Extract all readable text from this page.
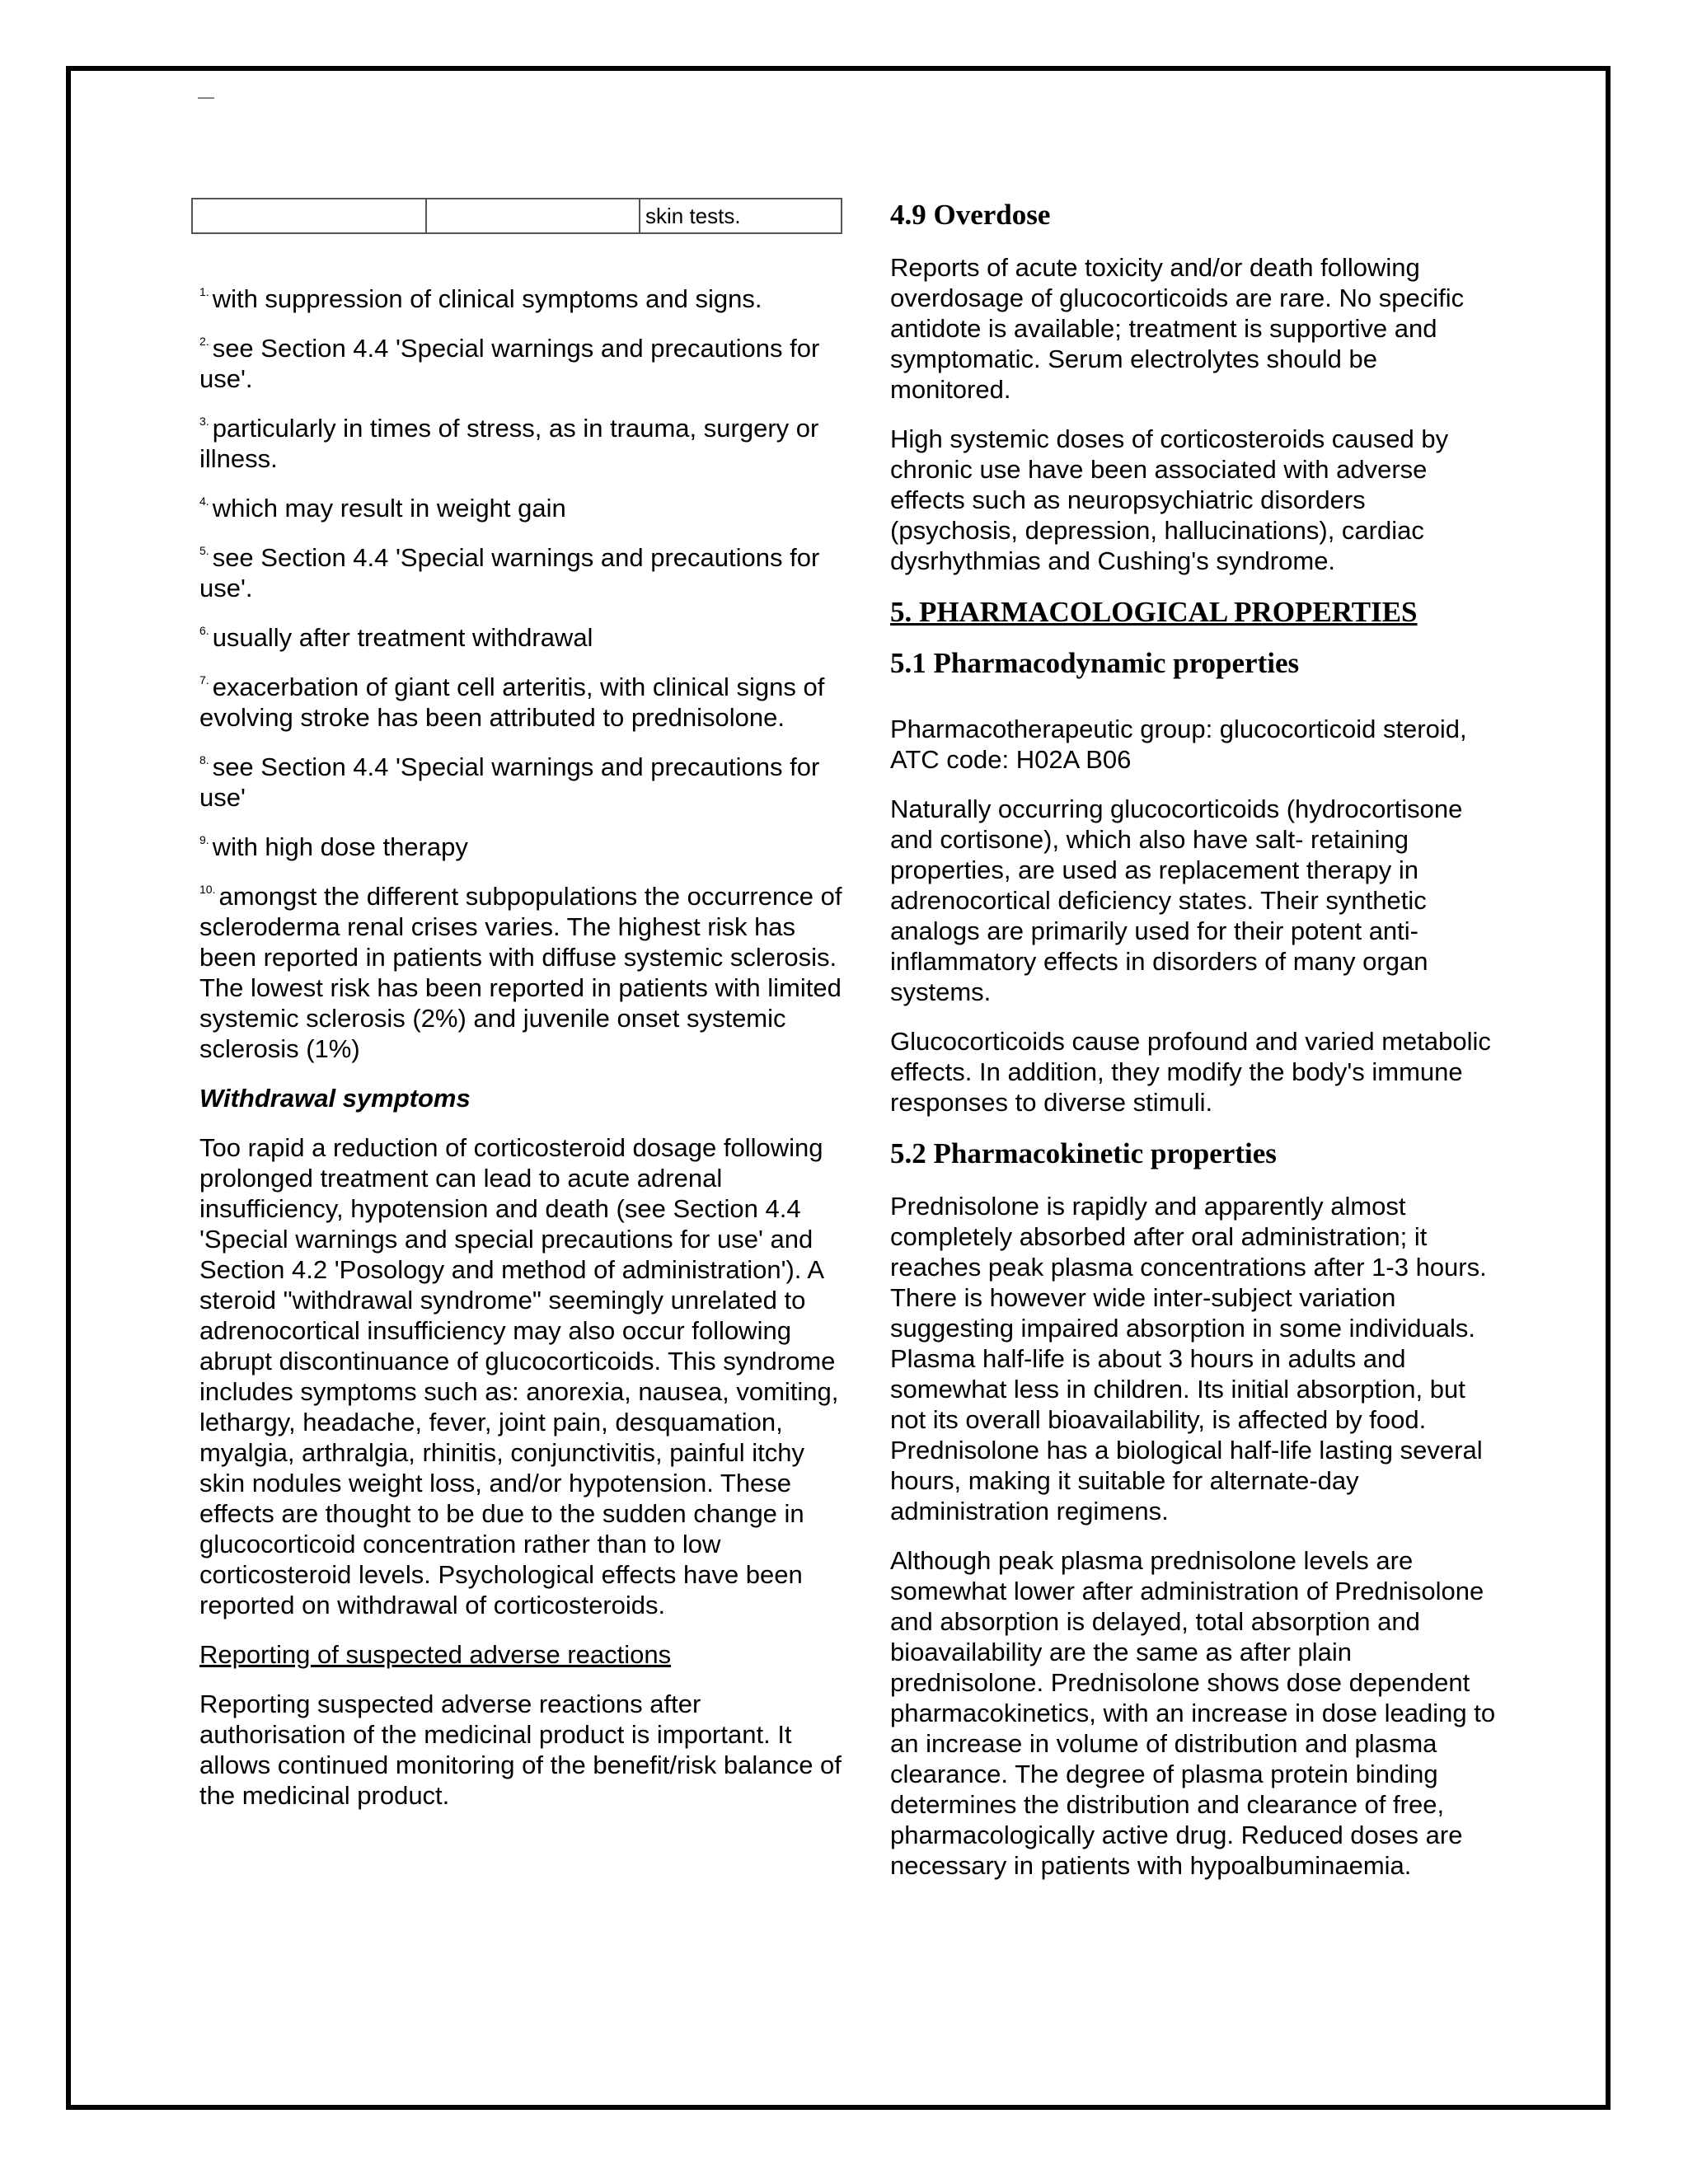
		skin tests.
$^{1.}$ with suppression of clinical symptoms and signs.
$^{2.}$ see Section 4.4 'Special warnings and precautions for use'.
$^{3.}$ particularly in times of stress, as in trauma, surgery or illness.
$^{4.}$ which may result in weight gain
$^{5.}$ see Section 4.4 'Special warnings and precautions for use'.
$^{6.}$ usually after treatment withdrawal
$^{7.}$ exacerbation of giant cell arteritis, with clinical signs of evolving stroke has been attributed to prednisolone.
$^{8.}$ see Section 4.4 'Special warnings and precautions for use'
$^{9.}$ with high dose therapy
$^{10.}$ amongst the different subpopulations the occurrence of scleroderma renal crises varies. The highest risk has been reported in patients with diffuse systemic sclerosis. The lowest risk has been reported in patients with limited systemic sclerosis (2%) and juvenile onset systemic sclerosis (1%)
Withdrawal symptoms
Too rapid a reduction of corticosteroid dosage following prolonged treatment can lead to acute adrenal insufficiency, hypotension and death (see Section 4.4 'Special warnings and special precautions for use' and Section 4.2 'Posology and method of administration'). A steroid "withdrawal syndrome" seemingly unrelated to adrenocortical insufficiency may also occur following abrupt discontinuance of glucocorticoids. This syndrome includes symptoms such as: anorexia, nausea, vomiting, lethargy, headache, fever, joint pain, desquamation, myalgia, arthralgia, rhinitis, conjunctivitis, painful itchy skin nodules weight loss, and/or hypotension. These effects are thought to be due to the sudden change in glucocorticoid concentration rather than to low corticosteroid levels. Psychological effects have been reported on withdrawal of corticosteroids.
Reporting of suspected adverse reactions
Reporting suspected adverse reactions after authorisation of the medicinal product is important. It allows continued monitoring of the benefit/risk balance of the medicinal product.
4.9 Overdose
Reports of acute toxicity and/or death following overdosage of glucocorticoids are rare. No specific antidote is available; treatment is supportive and symptomatic. Serum electrolytes should be monitored.
High systemic doses of corticosteroids caused by chronic use have been associated with adverse effects such as neuropsychiatric disorders (psychosis, depression, hallucinations), cardiac dysrhythmias and Cushing's syndrome.
5. PHARMACOLOGICAL PROPERTIES
5.1 Pharmacodynamic properties
Pharmacotherapeutic group: glucocorticoid steroid, ATC code: H02A B06
Naturally occurring glucocorticoids (hydrocortisone and cortisone), which also have salt- retaining properties, are used as replacement therapy in adrenocortical deficiency states. Their synthetic analogs are primarily used for their potent anti-inflammatory effects in disorders of many organ systems.
Glucocorticoids cause profound and varied metabolic effects. In addition, they modify the body's immune responses to diverse stimuli.
5.2 Pharmacokinetic properties
Prednisolone is rapidly and apparently almost completely absorbed after oral administration; it reaches peak plasma concentrations after 1-3 hours. There is however wide inter-subject variation suggesting impaired absorption in some individuals. Plasma half-life is about 3 hours in adults and somewhat less in children. Its initial absorption, but not its overall bioavailability, is affected by food. Prednisolone has a biological half-life lasting several hours, making it suitable for alternate-day administration regimens.
Although peak plasma prednisolone levels are somewhat lower after administration of Prednisolone and absorption is delayed, total absorption and bioavailability are the same as after plain prednisolone. Prednisolone shows dose dependent pharmacokinetics, with an increase in dose leading to an increase in volume of distribution and plasma clearance. The degree of plasma protein binding determines the distribution and clearance of free, pharmacologically active drug. Reduced doses are necessary in patients with hypoalbuminaemia.
